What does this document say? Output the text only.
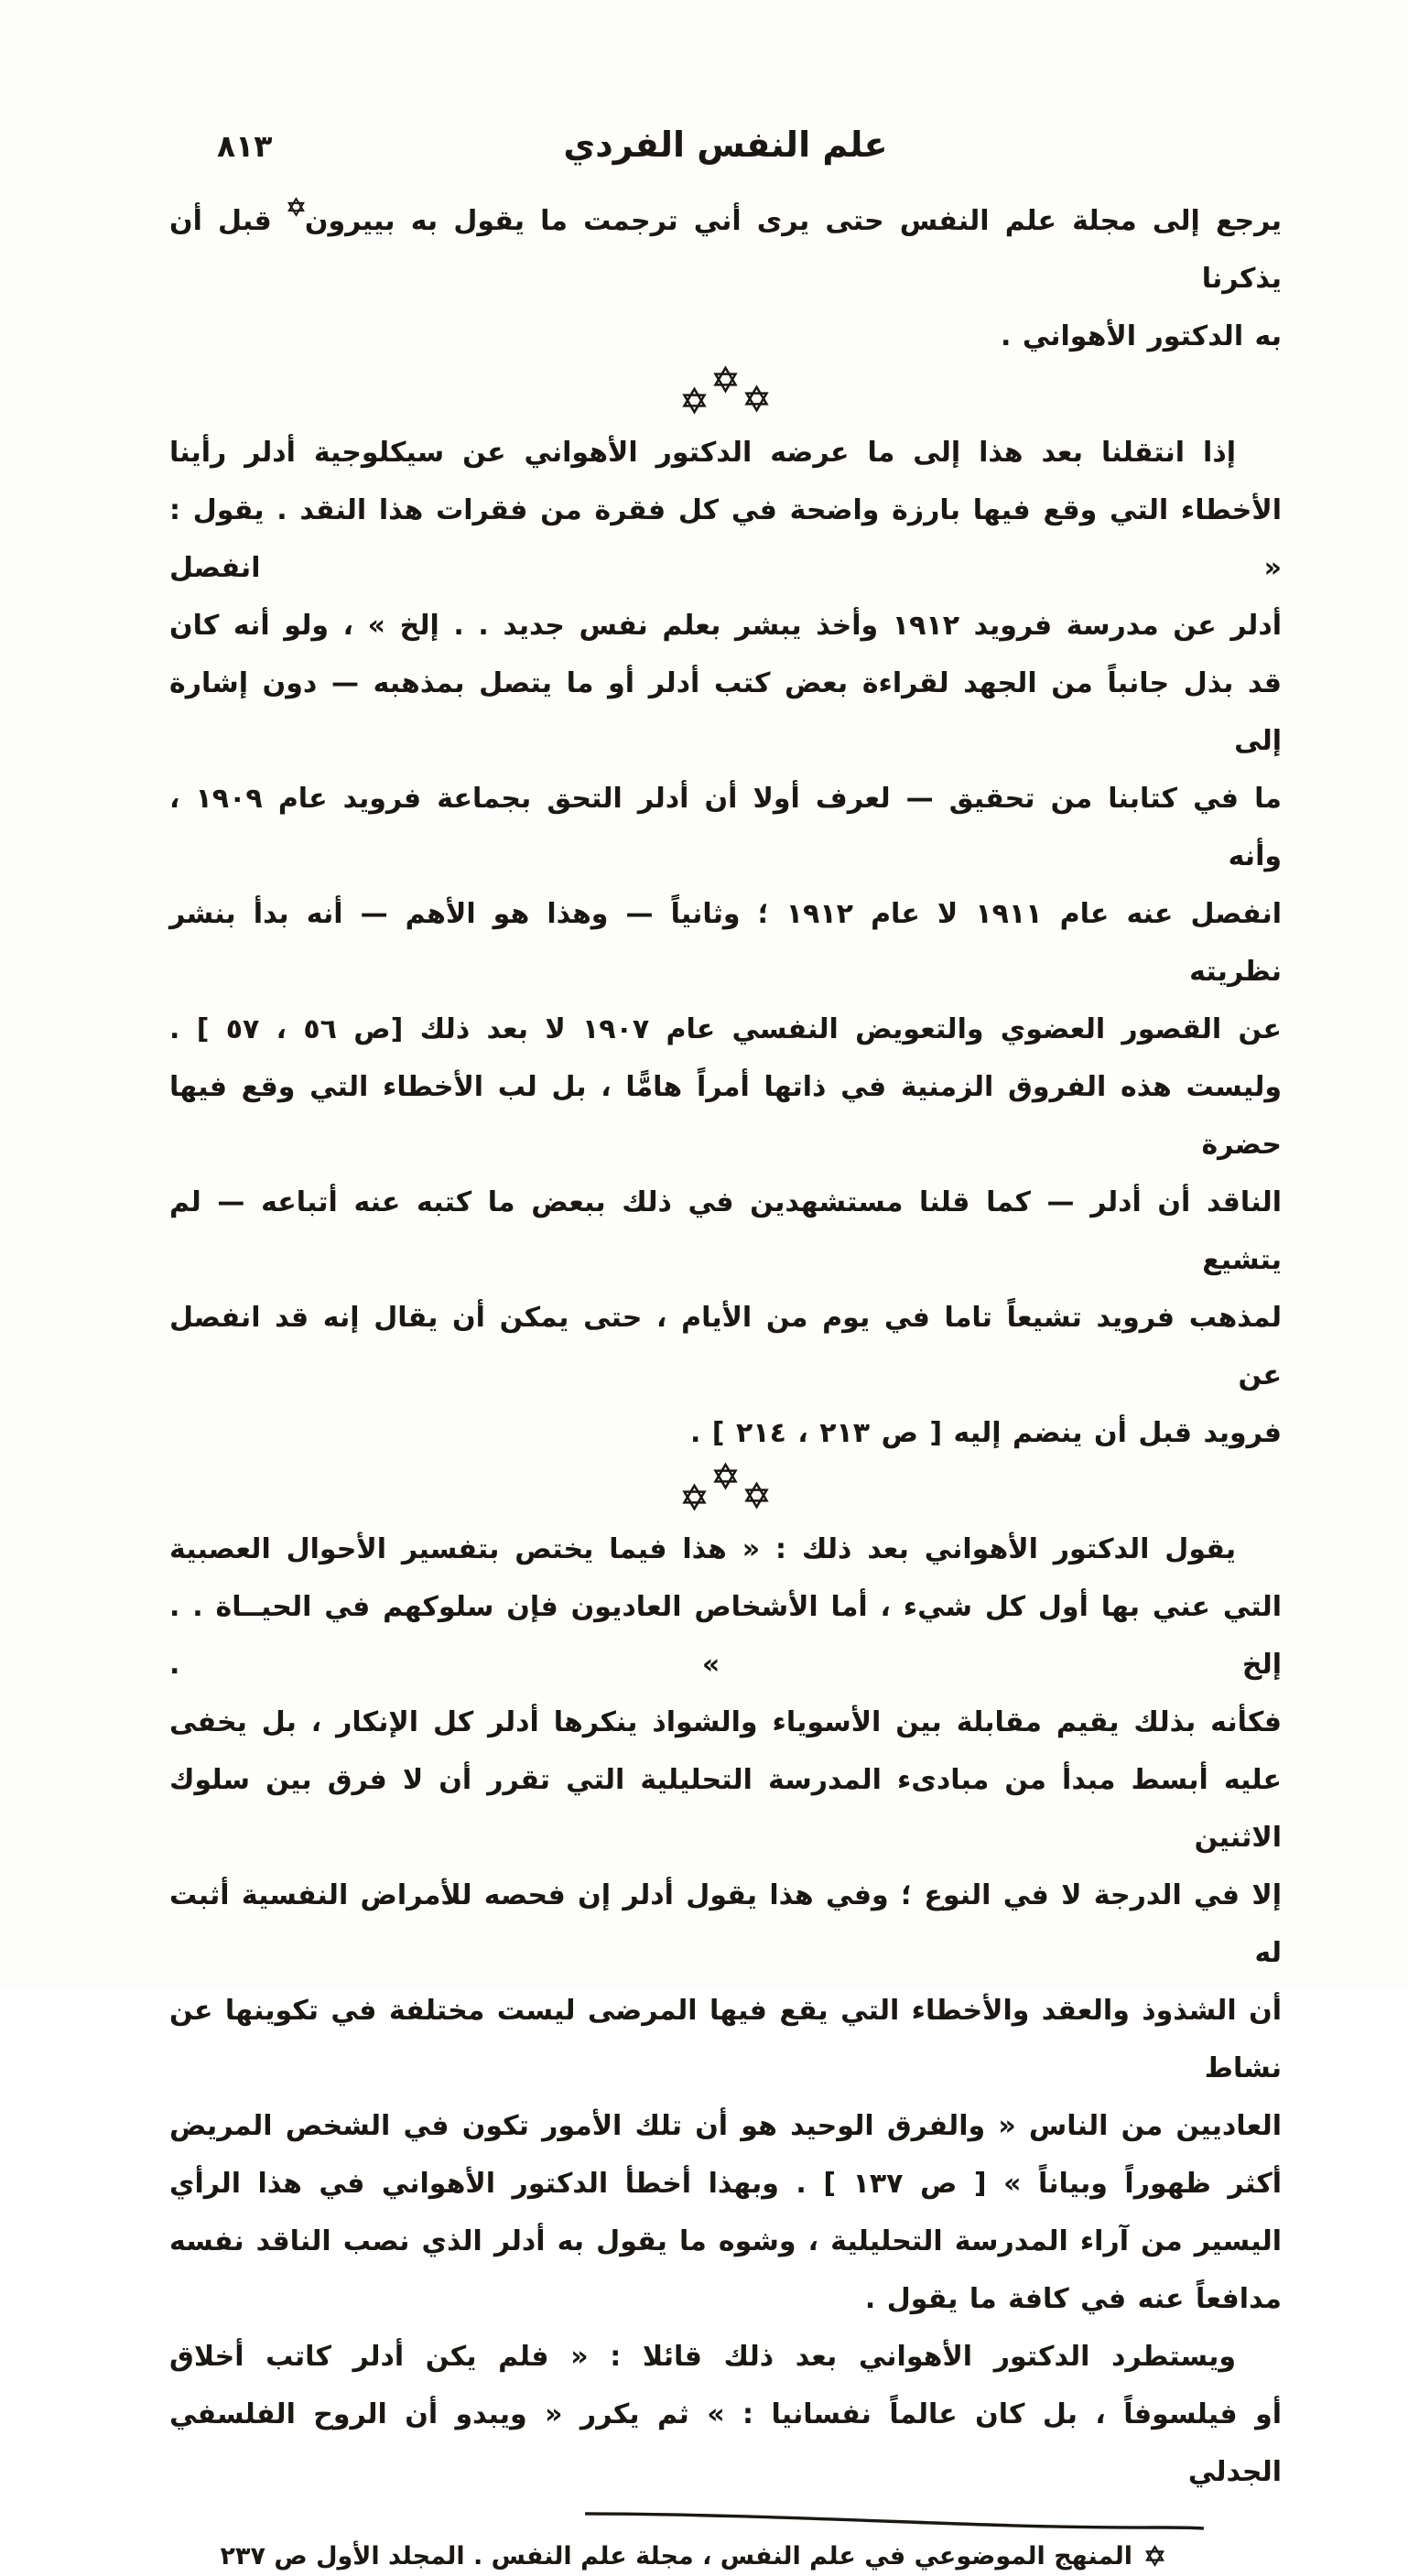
٨١٣	علم النفس الفردي
يرجع إلى مجلة علم النفس حتى يرى أني ترجمت ما يقول به بييرون قبل أن يذكرنا
به الدكتور الأهواني .
إذا انتقلنا بعد هذا إلى ما عرضه الدكتور الأهواني عن سيكلوجية أدلر رأينا
الأخطاء التي وقع فيها بارزة واضحة في كل فقرة من فقرات هذا النقد . يقول : « انفصل
أدلر عن مدرسة فرويد ١٩١٢ وأخذ يبشر بعلم نفس جديد . . إلخ » ، ولو أنه كان
قد بذل جانباً من الجهد لقراءة بعض كتب أدلر أو ما يتصل بمذهبه — دون إشارة إلى
ما في كتابنا من تحقيق — لعرف أولا أن أدلر التحق بجماعة فرويد عام ١٩٠٩ ، وأنه
انفصل عنه عام ١٩١١ لا عام ١٩١٢ ؛ وثانياً — وهذا هو الأهم — أنه بدأ بنشر نظريته
عن القصور العضوي والتعويض النفسي عام ١٩٠٧ لا بعد ذلك [ص ٥٦ ، ٥٧ ] .
وليست هذه الفروق الزمنية في ذاتها أمراً هامًّا ، بل لب الأخطاء التي وقع فيها حضرة
الناقد أن أدلر — كما قلنا مستشهدين في ذلك ببعض ما كتبه عنه أتباعه — لم يتشيع
لمذهب فرويد تشيعاً تاما في يوم من الأيام ، حتى يمكن أن يقال إنه قد انفصل عن
فرويد قبل أن ينضم إليه [ ص ٢١٣ ، ٢١٤ ] .
يقول الدكتور الأهواني بعد ذلك : « هذا فيما يختص بتفسير الأحوال العصبية
التي عني بها أول كل شيء ، أما الأشخاص العاديون فإن سلوكهم في الحيــاة . . إلخ » .
فكأنه بذلك يقيم مقابلة بين الأسوياء والشواذ ينكرها أدلر كل الإنكار ، بل يخفى
عليه أبسط مبدأ من مبادىء المدرسة التحليلية التي تقرر أن لا فرق بين سلوك الاثنين
إلا في الدرجة لا في النوع ؛ وفي هذا يقول أدلر إن فحصه للأمراض النفسية أثبت له
أن الشذوذ والعقد والأخطاء التي يقع فيها المرضى ليست مختلفة في تكوينها عن نشاط
العاديين من الناس « والفرق الوحيد هو أن تلك الأمور تكون في الشخص المريض
أكثر ظهوراً وبياناً » [ ص ١٣٧ ] . وبهذا أخطأ الدكتور الأهواني في هذا الرأي
اليسير من آراء المدرسة التحليلية ، وشوه ما يقول به أدلر الذي نصب الناقد نفسه
مدافعاً عنه في كافة ما يقول .
ويستطرد الدكتور الأهواني بعد ذلك قائلا : « فلم يكن أدلر كاتب أخلاق
أو فيلسوفاً ، بل كان عالماً نفسانيا : » ثم يكرر « ويبدو أن الروح الفلسفي الجدلي
المنهج الموضوعي في علم النفس ، مجلة علم النفس . المجلد الأول ص ٢٣٧
